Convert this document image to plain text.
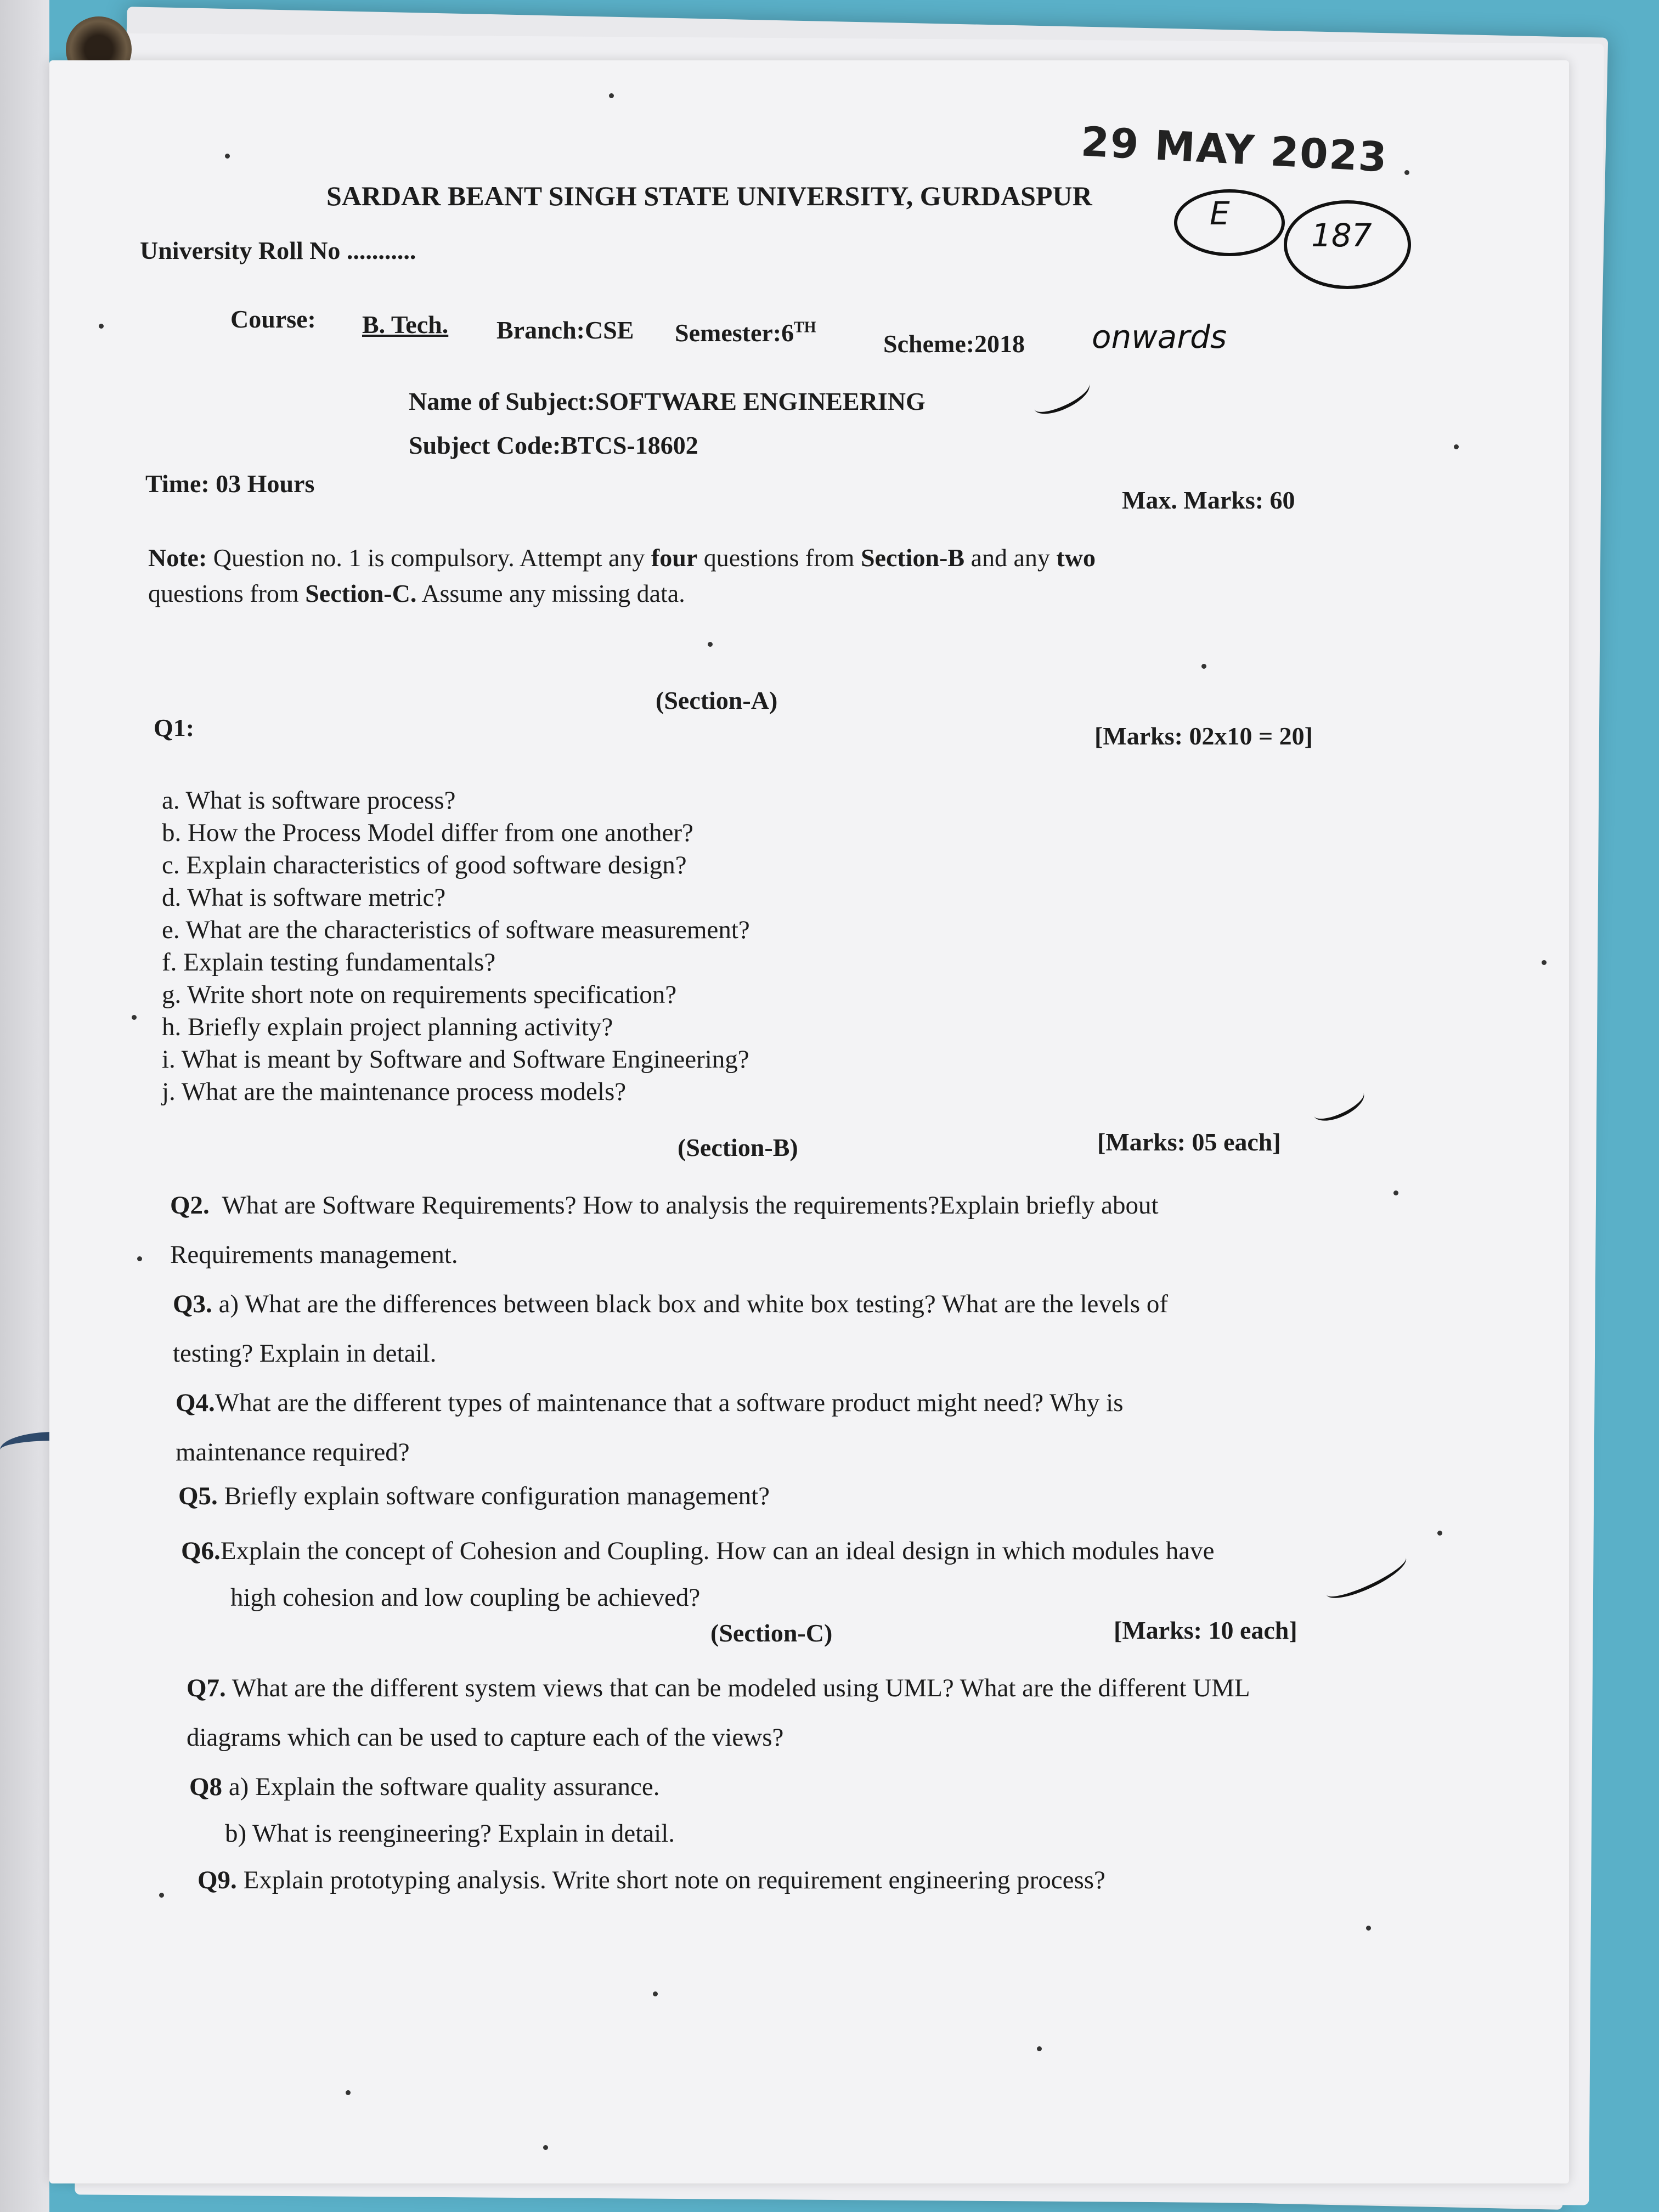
29 MAY 2023
E
187
SARDAR BEANT SINGH STATE UNIVERSITY, GURDASPUR
University Roll No ...........
Course: B. Tech. Branch:CSE Semester:6TH
Scheme:2018 onwards
Name of Subject:SOFTWARE ENGINEERING
Subject Code:BTCS-18602
Time: 03 Hours
Max. Marks: 60
Note: Question no. 1 is compulsory. Attempt any four questions from Section-B and any two
questions from Section-C. Assume any missing data.
(Section-A)
Q1:	[Marks: 02x10 = 20]
a. What is software process?
b. How the Process Model differ from one another?
c. Explain characteristics of good software design?
d. What is software metric?
e. What are the characteristics of software measurement?
f. Explain testing fundamentals?
g. Write short note on requirements specification?
h. Briefly explain project planning activity?
i. What is meant by Software and Software Engineering?
j. What are the maintenance process models?
(Section-B)	[Marks: 05 each]
Q2. What are Software Requirements? How to analysis the requirements?Explain briefly about
Requirements management.
Q3. a) What are the differences between black box and white box testing? What are the levels of
testing? Explain in detail.
Q4.What are the different types of maintenance that a software product might need? Why is
maintenance required?
Q5. Briefly explain software configuration management?
Q6.Explain the concept of Cohesion and Coupling. How can an ideal design in which modules have
high cohesion and low coupling be achieved?
(Section-C)	[Marks: 10 each]
Q7. What are the different system views that can be modeled using UML? What are the different UML
diagrams which can be used to capture each of the views?
Q8 a) Explain the software quality assurance.
b) What is reengineering? Explain in detail.
Q9. Explain prototyping analysis. Write short note on requirement engineering process?
